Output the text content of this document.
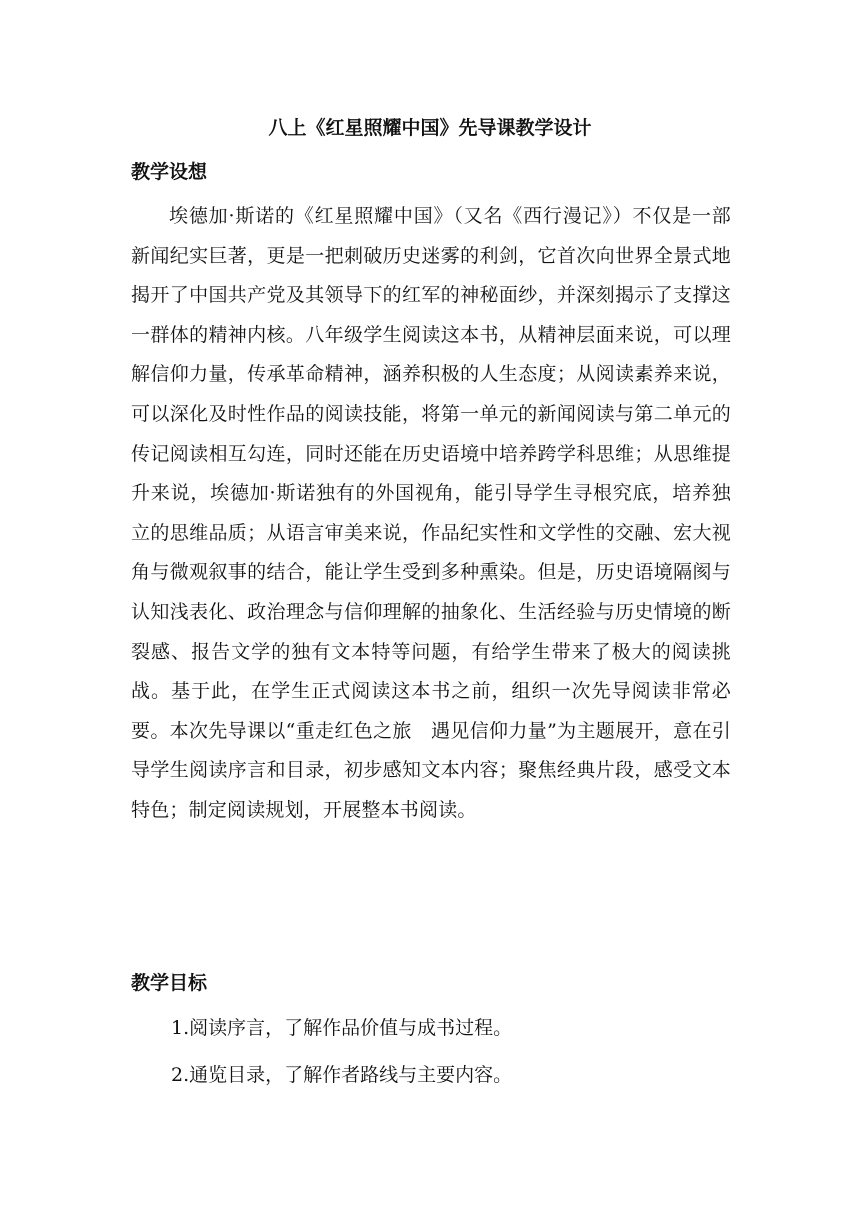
八上《红星照耀中国》先导课教学设计
教学设想

埃德加·斯诺的《红星照耀中国》（又名《西行漫记》）不仅是一部新闻纪实巨著，更是一把刺破历史迷雾的利剑，它首次向世界全景式地揭开了中国共产党及其领导下的红军的神秘面纱，并深刻揭示了支撑这一群体的精神内核。八年级学生阅读这本书，从精神层面来说，可以理解信仰力量，传承革命精神，涵养积极的人生态度；从阅读素养来说，可以深化及时性作品的阅读技能，将第一单元的新闻阅读与第二单元的传记阅读相互勾连，同时还能在历史语境中培养跨学科思维；从思维提升来说，埃德加·斯诺独有的外国视角，能引导学生寻根究底，培养独立的思维品质；从语言审美来说，作品纪实性和文学性的交融、宏大视角与微观叙事的结合，能让学生受到多种熏染。但是，历史语境隔阂与认知浅表化、政治理念与信仰理解的抽象化、生活经验与历史情境的断裂感、报告文学的独有文本特等问题，有给学生带来了极大的阅读挑战。基于此，在学生正式阅读这本书之前，组织一次先导阅读非常必要。本次先导课以“重走红色之旅　遇见信仰力量”为主题展开，意在引导学生阅读序言和目录，初步感知文本内容；聚焦经典片段，感受文本特色；制定阅读规划，开展整本书阅读。

教学目标

1.阅读序言，了解作品价值与成书过程。

2.通览目录，了解作者路线与主要内容。
